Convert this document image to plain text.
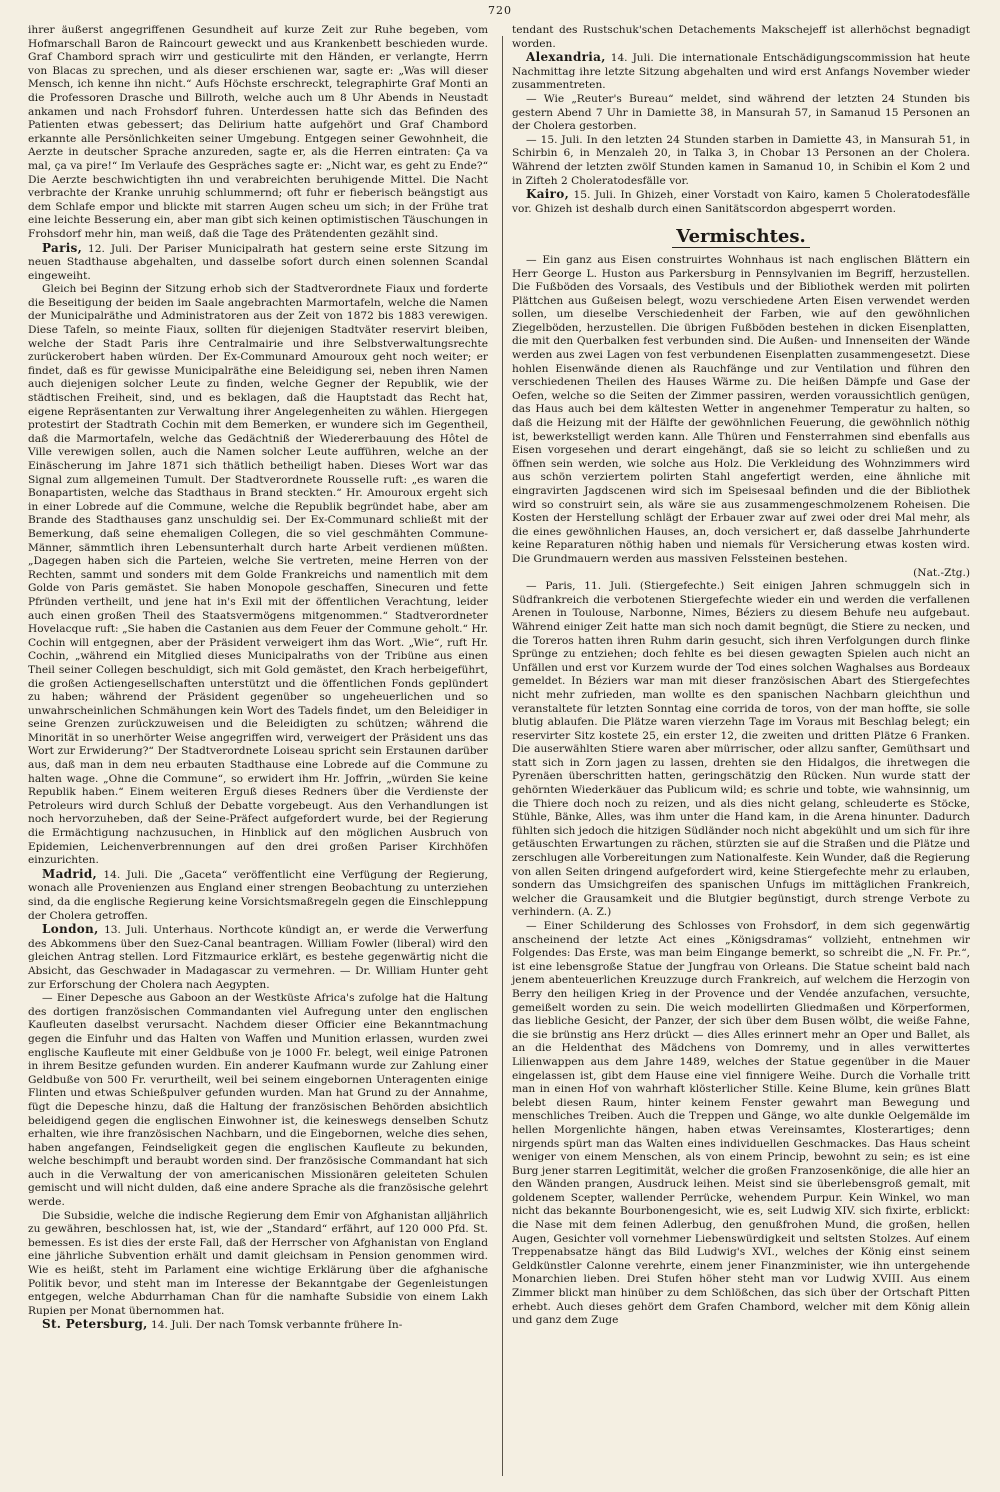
720

ihrer äußerst angegriffenen Gesundheit auf kurze Zeit zur Ruhe begeben, vom Hofmarschall Baron de Raincourt geweckt und aus Krankenbett beschieden wurde. Graf Chambord sprach wirr und gesticulirte mit den Händen, er verlangte, Herrn von Blacas zu sprechen, und als dieser erschienen war, sagte er: „Was will dieser Mensch, ich kenne ihn nicht.“ Aufs Höchste erschreckt, telegraphirte Graf Monti an die Professoren Drasche und Billroth, welche auch um 8 Uhr Abends in Neustadt ankamen und nach Frohsdorf fuhren. Unterdessen hatte sich das Befinden des Patienten etwas gebessert; das Delirium hatte aufgehört und Graf Chambord erkannte alle Persönlichkeiten seiner Umgebung. Entgegen seiner Gewohnheit, die Aerzte in deutscher Sprache anzureden, sagte er, als die Herren eintraten: Ça va mal, ça va pire!“ Im Verlaufe des Gespräches sagte er: „Nicht war, es geht zu Ende?“ Die Aerzte beschwichtigten ihn und verabreichten beruhigende Mittel. Die Nacht verbrachte der Kranke unruhig schlummernd; oft fuhr er fieberisch beängstigt aus dem Schlafe empor und blickte mit starren Augen scheu um sich; in der Frühe trat eine leichte Besserung ein, aber man gibt sich keinen optimistischen Täuschungen in Frohsdorf mehr hin, man weiß, daß die Tage des Prätendenten gezählt sind.

Paris, 12. Juli. Der Pariser Municipalrath hat gestern seine erste Sitzung im neuen Stadthause abgehalten, und dasselbe sofort durch einen solennen Scandal eingeweiht.

Gleich bei Beginn der Sitzung erhob sich der Stadtverordnete Fiaux und forderte die Beseitigung der beiden im Saale angebrachten Marmortafeln, welche die Namen der Municipalräthe und Administratoren aus der Zeit von 1872 bis 1883 verewigen. Diese Tafeln, so meinte Fiaux, sollten für diejenigen Stadtväter reservirt bleiben, welche der Stadt Paris ihre Centralmairie und ihre Selbstverwaltungsrechte zurückerobert haben würden. Der Ex-Communard Amouroux geht noch weiter; er findet, daß es für gewisse Municipalräthe eine Beleidigung sei, neben ihren Namen auch diejenigen solcher Leute zu finden, welche Gegner der Republik, wie der städtischen Freiheit, sind, und es beklagen, daß die Hauptstadt das Recht hat, eigene Repräsentanten zur Verwaltung ihrer Angelegenheiten zu wählen. Hiergegen protestirt der Stadtrath Cochin mit dem Bemerken, er wundere sich im Gegentheil, daß die Marmortafeln, welche das Gedächtniß der Wiedererbauung des Hôtel de Ville verewigen sollen, auch die Namen solcher Leute aufführen, welche an der Einäscherung im Jahre 1871 sich thätlich betheiligt haben. Dieses Wort war das Signal zum allgemeinen Tumult. Der Stadtverordnete Rousselle ruft: „es waren die Bonapartisten, welche das Stadthaus in Brand steckten.“ Hr. Amouroux ergeht sich in einer Lobrede auf die Commune, welche die Republik begründet habe, aber am Brande des Stadthauses ganz unschuldig sei. Der Ex-Communard schließt mit der Bemerkung, daß seine ehemaligen Collegen, die so viel geschmähten Commune-Männer, sämmtlich ihren Lebensunterhalt durch harte Arbeit verdienen müßten. „Dagegen haben sich die Parteien, welche Sie vertreten, meine Herren von der Rechten, sammt und sonders mit dem Golde Frankreichs und namentlich mit dem Golde von Paris gemästet. Sie haben Monopole geschaffen, Sinecuren und fette Pfründen vertheilt, und jene hat in's Exil mit der öffentlichen Verachtung, leider auch einen großen Theil des Staatsvermögens mitgenommen.“ Stadtverordneter Hovelacque ruft: „Sie haben die Castanien aus dem Feuer der Commune geholt.“ Hr. Cochin will entgegnen, aber der Präsident verweigert ihm das Wort. „Wie“, ruft Hr. Cochin, „während ein Mitglied dieses Municipalraths von der Tribüne aus einen Theil seiner Collegen beschuldigt, sich mit Gold gemästet, den Krach herbeigeführt, die großen Actiengesellschaften unterstützt und die öffentlichen Fonds geplündert zu haben; während der Präsident gegenüber so ungeheuerlichen und so unwahrscheinlichen Schmähungen kein Wort des Tadels findet, um den Beleidiger in seine Grenzen zurückzuweisen und die Beleidigten zu schützen; während die Minorität in so unerhörter Weise angegriffen wird, verweigert der Präsident uns das Wort zur Erwiderung?“ Der Stadtverordnete Loiseau spricht sein Erstaunen darüber aus, daß man in dem neu erbauten Stadthause eine Lobrede auf die Commune zu halten wage. „Ohne die Commune“, so erwidert ihm Hr. Joffrin, „würden Sie keine Republik haben.“ Einem weiteren Erguß dieses Redners über die Verdienste der Petroleurs wird durch Schluß der Debatte vorgebeugt. Aus den Verhandlungen ist noch hervorzuheben, daß der Seine-Präfect aufgefordert wurde, bei der Regierung die Ermächtigung nachzusuchen, in Hinblick auf den möglichen Ausbruch von Epidemien, Leichenverbrennungen auf den drei großen Pariser Kirchhöfen einzurichten.

Madrid, 14. Juli. Die „Gaceta“ veröffentlicht eine Verfügung der Regierung, wonach alle Provenienzen aus England einer strengen Beobachtung zu unterziehen sind, da die englische Regierung keine Vorsichtsmaßregeln gegen die Einschleppung der Cholera getroffen.

London, 13. Juli. Unterhaus. Northcote kündigt an, er werde die Verwerfung des Abkommens über den Suez-Canal beantragen. William Fowler (liberal) wird den gleichen Antrag stellen. Lord Fitzmaurice erklärt, es bestehe gegenwärtig nicht die Absicht, das Geschwader in Madagascar zu vermehren. — Dr. William Hunter geht zur Erforschung der Cholera nach Aegypten.

— Einer Depesche aus Gaboon an der Westküste Africa's zufolge hat die Haltung des dortigen französischen Commandanten viel Aufregung unter den englischen Kaufleuten daselbst verursacht. Nachdem dieser Officier eine Bekanntmachung gegen die Einfuhr und das Halten von Waffen und Munition erlassen, wurden zwei englische Kaufleute mit einer Geldbuße von je 1000 Fr. belegt, weil einige Patronen in ihrem Besitze gefunden wurden. Ein anderer Kaufmann wurde zur Zahlung einer Geldbuße von 500 Fr. verurtheilt, weil bei seinem eingebornen Unteragenten einige Flinten und etwas Schießpulver gefunden wurden. Man hat Grund zu der Annahme, fügt die Depesche hinzu, daß die Haltung der französischen Behörden absichtlich beleidigend gegen die englischen Einwohner ist, die keineswegs denselben Schutz erhalten, wie ihre französischen Nachbarn, und die Eingebornen, welche dies sehen, haben angefangen, Feindseligkeit gegen die englischen Kaufleute zu bekunden, welche beschimpft und beraubt worden sind. Der französische Commandant hat sich auch in die Verwaltung der von americanischen Missionären geleiteten Schulen gemischt und will nicht dulden, daß eine andere Sprache als die französische gelehrt werde.

Die Subsidie, welche die indische Regierung dem Emir von Afghanistan alljährlich zu gewähren, beschlossen hat, ist, wie der „Standard“ erfährt, auf 120 000 Pfd. St. bemessen. Es ist dies der erste Fall, daß der Herrscher von Afghanistan von England eine jährliche Subvention erhält und damit gleichsam in Pension genommen wird. Wie es heißt, steht im Parlament eine wichtige Erklärung über die afghanische Politik bevor, und steht man im Interesse der Bekanntgabe der Gegenleistungen entgegen, welche Abdurrhaman Chan für die namhafte Subsidie von einem Lakh Rupien per Monat übernommen hat.

St. Petersburg, 14. Juli. Der nach Tomsk verbannte frühere In-

tendant des Rustschuk'schen Detachements Makschejeff ist allerhöchst begnadigt worden.

Alexandria, 14. Juli. Die internationale Entschädigungscommission hat heute Nachmittag ihre letzte Sitzung abgehalten und wird erst Anfangs November wieder zusammentreten.

— Wie „Reuter's Bureau“ meldet, sind während der letzten 24 Stunden bis gestern Abend 7 Uhr in Damiette 38, in Mansurah 57, in Samanud 15 Personen an der Cholera gestorben.

— 15. Juli. In den letzten 24 Stunden starben in Damiette 43, in Mansurah 51, in Schirbin 6, in Menzaleh 20, in Talka 3, in Chobar 13 Personen an der Cholera. Während der letzten zwölf Stunden kamen in Samanud 10, in Schibin el Kom 2 und in Zifteh 2 Choleratodesfälle vor.

Kairo, 15. Juli. In Ghizeh, einer Vorstadt von Kairo, kamen 5 Choleratodesfälle vor. Ghizeh ist deshalb durch einen Sanitätscordon abgesperrt worden.

Vermischtes.

— Ein ganz aus Eisen construirtes Wohnhaus ist nach englischen Blättern ein Herr George L. Huston aus Parkersburg in Pennsylvanien im Begriff, herzustellen. Die Fußböden des Vorsaals, des Vestibuls und der Bibliothek werden mit polirten Plättchen aus Gußeisen belegt, wozu verschiedene Arten Eisen verwendet werden sollen, um dieselbe Verschiedenheit der Farben, wie auf den gewöhnlichen Ziegelböden, herzustellen. Die übrigen Fußböden bestehen in dicken Eisenplatten, die mit den Querbalken fest verbunden sind. Die Außen- und Innenseiten der Wände werden aus zwei Lagen von fest verbundenen Eisenplatten zusammengesetzt. Diese hohlen Eisenwände dienen als Rauchfänge und zur Ventilation und führen den verschiedenen Theilen des Hauses Wärme zu. Die heißen Dämpfe und Gase der Oefen, welche so die Seiten der Zimmer passiren, werden voraussichtlich genügen, das Haus auch bei dem kältesten Wetter in angenehmer Temperatur zu halten, so daß die Heizung mit der Hälfte der gewöhnlichen Feuerung, die gewöhnlich nöthig ist, bewerkstelligt werden kann. Alle Thüren und Fensterrahmen sind ebenfalls aus Eisen vorgesehen und derart eingehängt, daß sie so leicht zu schließen und zu öffnen sein werden, wie solche aus Holz. Die Verkleidung des Wohnzimmers wird aus schön verziertem polirten Stahl angefertigt werden, eine ähnliche mit eingravirten Jagdscenen wird sich im Speisesaal befinden und die der Bibliothek wird so construirt sein, als wäre sie aus zusammengeschmolzenem Roheisen. Die Kosten der Herstellung schlägt der Erbauer zwar auf zwei oder drei Mal mehr, als die eines gewöhnlichen Hauses, an, doch versichert er, daß dasselbe Jahrhunderte keine Reparaturen nöthig haben und niemals für Versicherung etwas kosten wird. Die Grundmauern werden aus massiven Felssteinen bestehen.

(Nat.-Ztg.)

— Paris, 11. Juli. (Stiergefechte.) Seit einigen Jahren schmuggeln sich in Südfrankreich die verbotenen Stiergefechte wieder ein und werden die verfallenen Arenen in Toulouse, Narbonne, Nimes, Béziers zu diesem Behufe neu aufgebaut. Während einiger Zeit hatte man sich noch damit begnügt, die Stiere zu necken, und die Toreros hatten ihren Ruhm darin gesucht, sich ihren Verfolgungen durch flinke Sprünge zu entziehen; doch fehlte es bei diesen gewagten Spielen auch nicht an Unfällen und erst vor Kurzem wurde der Tod eines solchen Waghalses aus Bordeaux gemeldet. In Béziers war man mit dieser französischen Abart des Stiergefechtes nicht mehr zufrieden, man wollte es den spanischen Nachbarn gleichthun und veranstaltete für letzten Sonntag eine corrida de toros, von der man hoffte, sie solle blutig ablaufen. Die Plätze waren vierzehn Tage im Voraus mit Beschlag belegt; ein reservirter Sitz kostete 25, ein erster 12, die zweiten und dritten Plätze 6 Franken. Die auserwählten Stiere waren aber mürrischer, oder allzu sanfter, Gemüthsart und statt sich in Zorn jagen zu lassen, drehten sie den Hidalgos, die ihretwegen die Pyrenäen überschritten hatten, geringschätzig den Rücken. Nun wurde statt der gehörnten Wiederkäuer das Publicum wild; es schrie und tobte, wie wahnsinnig, um die Thiere doch noch zu reizen, und als dies nicht gelang, schleuderte es Stöcke, Stühle, Bänke, Alles, was ihm unter die Hand kam, in die Arena hinunter. Dadurch fühlten sich jedoch die hitzigen Südländer noch nicht abgekühlt und um sich für ihre getäuschten Erwartungen zu rächen, stürzten sie auf die Straßen und die Plätze und zerschlugen alle Vorbereitungen zum Nationalfeste. Kein Wunder, daß die Regierung von allen Seiten dringend aufgefordert wird, keine Stiergefechte mehr zu erlauben, sondern das Umsichgreifen des spanischen Unfugs im mittäglichen Frankreich, welcher die Grausamkeit und die Blutgier begünstigt, durch strenge Verbote zu verhindern. (A. Z.)

— Einer Schilderung des Schlosses von Frohsdorf, in dem sich gegenwärtig anscheinend der letzte Act eines „Königsdramas“ vollzieht, entnehmen wir Folgendes: Das Erste, was man beim Eingange bemerkt, so schreibt die „N. Fr. Pr.“, ist eine lebensgroße Statue der Jungfrau von Orleans. Die Statue scheint bald nach jenem abenteuerlichen Kreuzzuge durch Frankreich, auf welchem die Herzogin von Berry den heiligen Krieg in der Provence und der Vendée anzufachen, versuchte, gemeißelt worden zu sein. Die weich modellirten Gliedmaßen und Körperformen, das liebliche Gesicht, der Panzer, der sich über dem Busen wölbt, die weiße Fahne, die sie brünstig ans Herz drückt — dies Alles erinnert mehr an Oper und Ballet, als an die Heldenthat des Mädchens von Domremy, und in alles verwittertes Lilienwappen aus dem Jahre 1489, welches der Statue gegenüber in die Mauer eingelassen ist, gibt dem Hause eine viel finnigere Weihe. Durch die Vorhalle tritt man in einen Hof von wahrhaft klösterlicher Stille. Keine Blume, kein grünes Blatt belebt diesen Raum, hinter keinem Fenster gewahrt man Bewegung und menschliches Treiben. Auch die Treppen und Gänge, wo alte dunkle Oelgemälde im hellen Morgenlichte hängen, haben etwas Vereinsamtes, Klosterartiges; denn nirgends spürt man das Walten eines individuellen Geschmackes. Das Haus scheint weniger von einem Menschen, als von einem Princip, bewohnt zu sein; es ist eine Burg jener starren Legitimität, welcher die großen Franzosenkönige, die alle hier an den Wänden prangen, Ausdruck leihen. Meist sind sie überlebensgroß gemalt, mit goldenem Scepter, wallender Perrücke, wehendem Purpur. Kein Winkel, wo man nicht das bekannte Bourbonengesicht, wie es, seit Ludwig XIV. sich fixirte, erblickt: die Nase mit dem feinen Adlerbug, den genußfrohen Mund, die großen, hellen Augen, Gesichter voll vornehmer Liebenswürdigkeit und seltsten Stolzes. Auf einem Treppenabsatze hängt das Bild Ludwig's XVI., welches der König einst seinem Geldkünstler Calonne verehrte, einem jener Finanzminister, wie ihn untergehende Monarchien lieben. Drei Stufen höher steht man vor Ludwig XVIII. Aus einem Zimmer blickt man hinüber zu dem Schlößchen, das sich über der Ortschaft Pitten erhebt. Auch dieses gehört dem Grafen Chambord, welcher mit dem König allein und ganz dem Zuge
